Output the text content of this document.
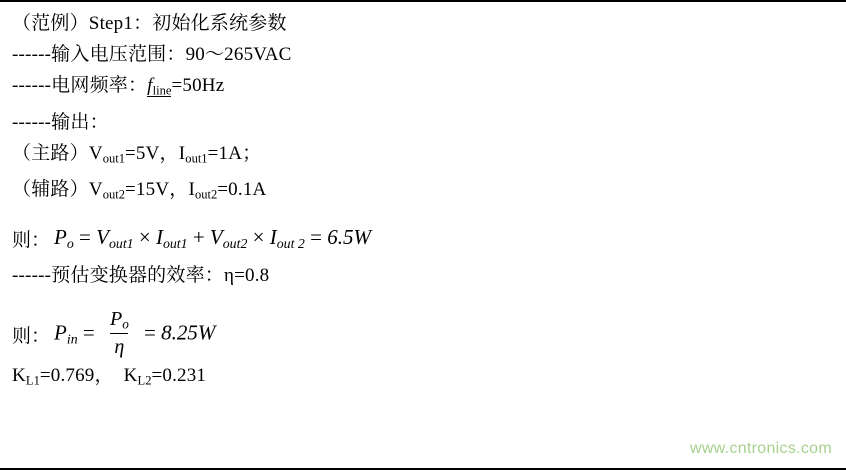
（范例）Step1：初始化系统参数
------输入电压范围：90～265VAC
------电网频率：$f_{line}=50Hz$
------输出：
（主路）$V_{out1}=5V$，$I_{out1}=1A$；
（辅路）$V_{out2}=15V$，$I_{out2}=0.1A$
则： $P_o = V_{out1} \times I_{out1} + V_{out2} \times I_{out 2} = 6.5W$
------预估变换器的效率：η=0.8
则： $P_{in} = \frac{P_o}{\eta} = 8.25W$
$K_{L1}=0.769$， $K_{L2}=0.231$
www.cntronics.com
